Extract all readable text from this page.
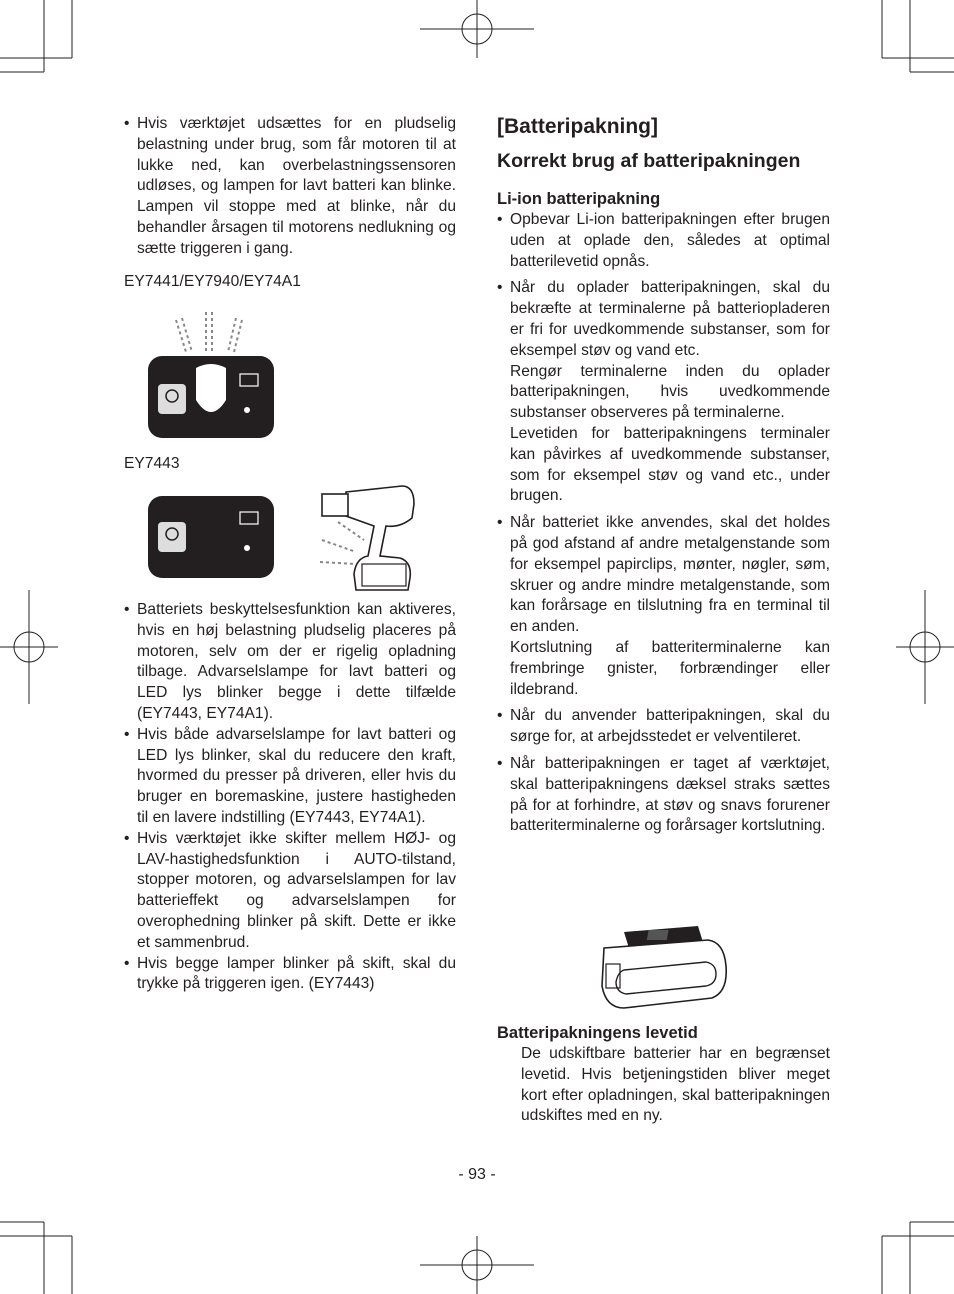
• Hvis værktøjet udsættes for en pludselig belastning under brug, som får motoren til at lukke ned, kan overbelastningssensoren udløses, og lampen for lavt batteri kan blinke. Lampen vil stoppe med at blinke, når du behandler årsagen til motorens nedlukning og sætte triggeren i gang.
EY7441/EY7940/EY74A1
EY7443
• Batteriets beskyttelsesfunktion kan aktiveres, hvis en høj belastning pludselig placeres på motoren, selv om der er rigelig opladning tilbage. Advarselslampe for lavt batteri og LED lys blinker begge i dette tilfælde (EY7443, EY74A1).
• Hvis både advarselslampe for lavt batteri og LED lys blinker, skal du reducere den kraft, hvormed du presser på driveren, eller hvis du bruger en boremaskine, justere hastigheden til en lavere indstilling (EY7443, EY74A1).
• Hvis værktøjet ikke skifter mellem HØJ- og LAV-hastighedsfunktion i AUTO-tilstand, stopper motoren, og advarselslampen for lav batterieffekt og advarselslampen for overophedning blinker på skift. Dette er ikke et sammenbrud.
• Hvis begge lamper blinker på skift, skal du trykke på triggeren igen. (EY7443)
[Batteripakning]
Korrekt brug af batteripakningen
Li-ion batteripakning
• Opbevar Li-ion batteripakningen efter brugen uden at oplade den, således at optimal batterilevetid opnås.
• Når du oplader batteripakningen, skal du bekræfte at terminalerne på batteriopladeren er fri for uvedkommende substanser, som for eksempel støv og vand etc.
Rengør terminalerne inden du oplader batteripakningen, hvis uvedkommende substanser observeres på terminalerne.
Levetiden for batteripakningens terminaler kan påvirkes af uvedkommende substanser, som for eksempel støv og vand etc., under brugen.
• Når batteriet ikke anvendes, skal det holdes på god afstand af andre metalgenstande som for eksempel papirclips, mønter, nøgler, søm, skruer og andre mindre metalgenstande, som kan forårsage en tilslutning fra en terminal til en anden.
Kortslutning af batteriterminalerne kan frembringe gnister, forbrændinger eller ildebrand.
• Når du anvender batteripakningen, skal du sørge for, at arbejdsstedet er velventileret.
• Når batteripakningen er taget af værktøjet, skal batteripakningens dæksel straks sættes på for at forhindre, at støv og snavs forurener batteriterminalerne og forårsager kortslutning.
Batteripakningens levetid
De udskiftbare batterier har en begrænset levetid. Hvis betjeningstiden bliver meget kort efter opladningen, skal batteripakningen udskiftes med en ny.
- 93 -
